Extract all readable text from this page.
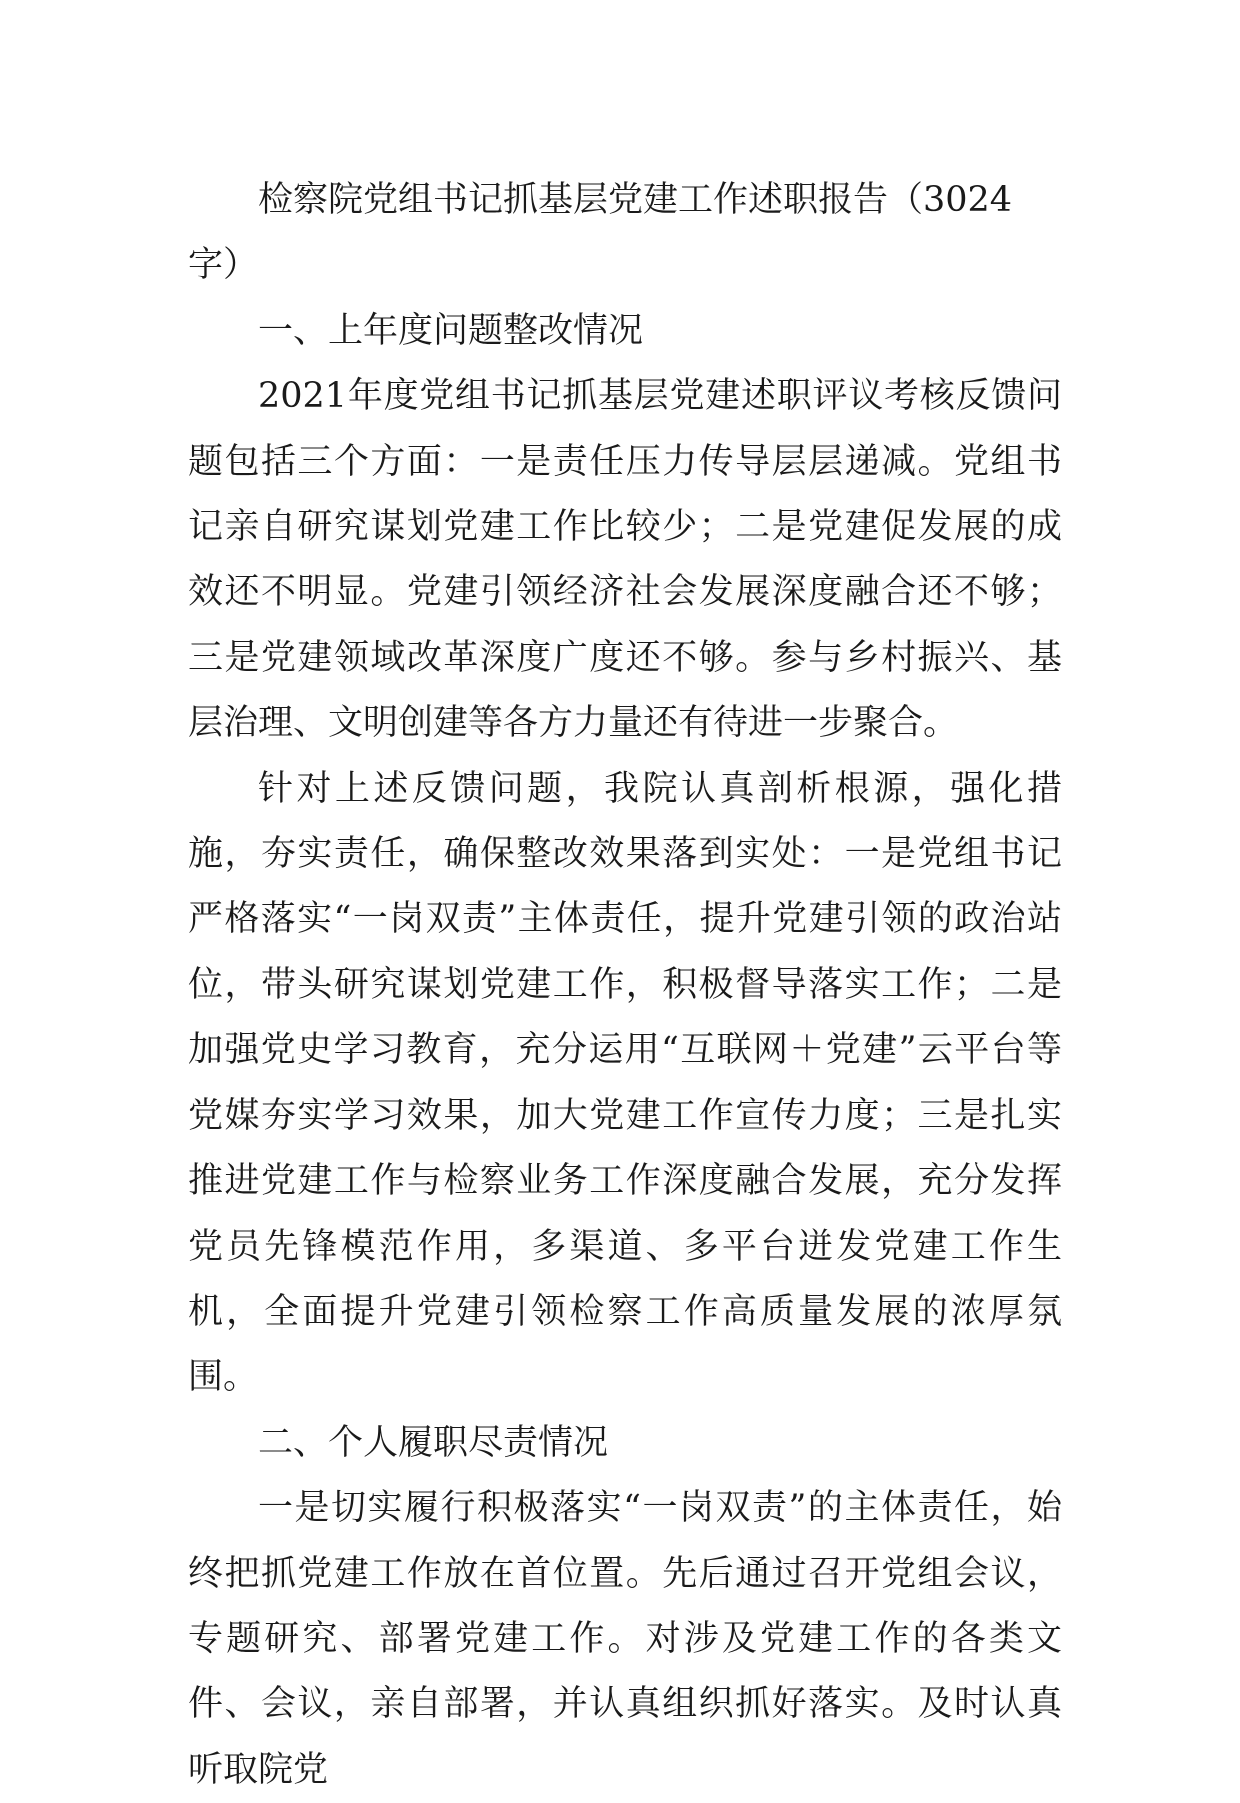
检察院党组书记抓基层党建工作述职报告（3024字）

一、上年度问题整改情况

2021年度党组书记抓基层党建述职评议考核反馈问题包括三个方面：一是责任压力传导层层递减。党组书记亲自研究谋划党建工作比较少；二是党建促发展的成效还不明显。党建引领经济社会发展深度融合还不够；三是党建领域改革深度广度还不够。参与乡村振兴、基层治理、文明创建等各方力量还有待进一步聚合。

针对上述反馈问题，我院认真剖析根源，强化措施，夯实责任，确保整改效果落到实处：一是党组书记严格落实“一岗双责”主体责任，提升党建引领的政治站位，带头研究谋划党建工作，积极督导落实工作；二是加强党史学习教育，充分运用“互联网＋党建”云平台等党媒夯实学习效果，加大党建工作宣传力度；三是扎实推进党建工作与检察业务工作深度融合发展，充分发挥党员先锋模范作用，多渠道、多平台迸发党建工作生机，全面提升党建引领检察工作高质量发展的浓厚氛围。

二、个人履职尽责情况

一是切实履行积极落实“一岗双责”的主体责任，始终把抓党建工作放在首位置。先后通过召开党组会议，专题研究、部署党建工作。对涉及党建工作的各类文件、会议，亲自部署，并认真组织抓好落实。及时认真听取院党
